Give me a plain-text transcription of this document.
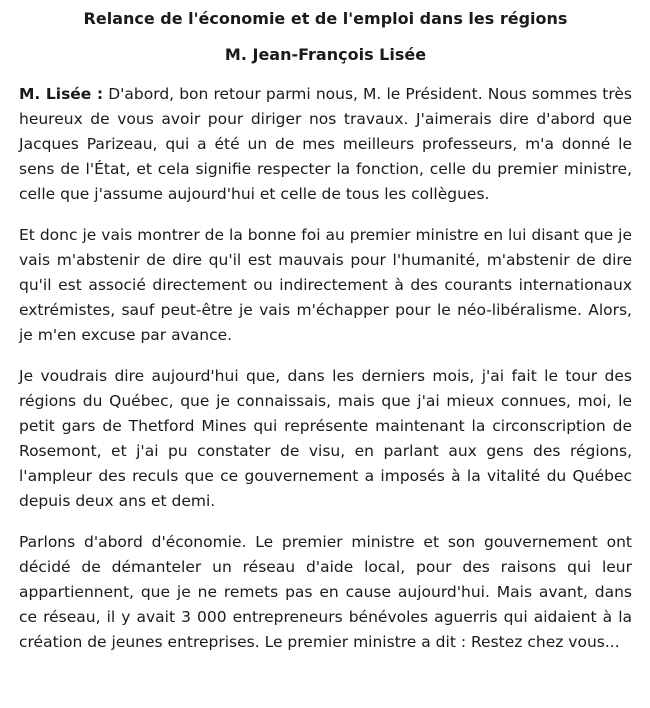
Relance de l'économie et de l'emploi dans les régions
M. Jean-François Lisée

M. Lisée : D'abord, bon retour parmi nous, M. le Président. Nous sommes très heureux de vous avoir pour diriger nos travaux. J'aimerais dire d'abord que Jacques Parizeau, qui a été un de mes meilleurs professeurs, m'a donné le sens de l'État, et cela signifie respecter la fonction, celle du premier ministre, celle que j'assume aujourd'hui et celle de tous les collègues.

Et donc je vais montrer de la bonne foi au premier ministre en lui disant que je vais m'abstenir de dire qu'il est mauvais pour l'humanité, m'abstenir de dire qu'il est associé directement ou indirectement à des courants internationaux extrémistes, sauf peut-être je vais m'échapper pour le néo-libéralisme. Alors, je m'en excuse par avance.

Je voudrais dire aujourd'hui que, dans les derniers mois, j'ai fait le tour des régions du Québec, que je connaissais, mais que j'ai mieux connues, moi, le petit gars de Thetford Mines qui représente maintenant la circonscription de Rosemont, et j'ai pu constater de visu, en parlant aux gens des régions, l'ampleur des reculs que ce gouvernement a imposés à la vitalité du Québec depuis deux ans et demi.

Parlons d'abord d'économie. Le premier ministre et son gouvernement ont décidé de démanteler un réseau d'aide local, pour des raisons qui leur appartiennent, que je ne remets pas en cause aujourd'hui. Mais avant, dans ce réseau, il y avait 3 000 entrepreneurs bénévoles aguerris qui aidaient à la création de jeunes entreprises. Le premier ministre a dit : Restez chez vous...
